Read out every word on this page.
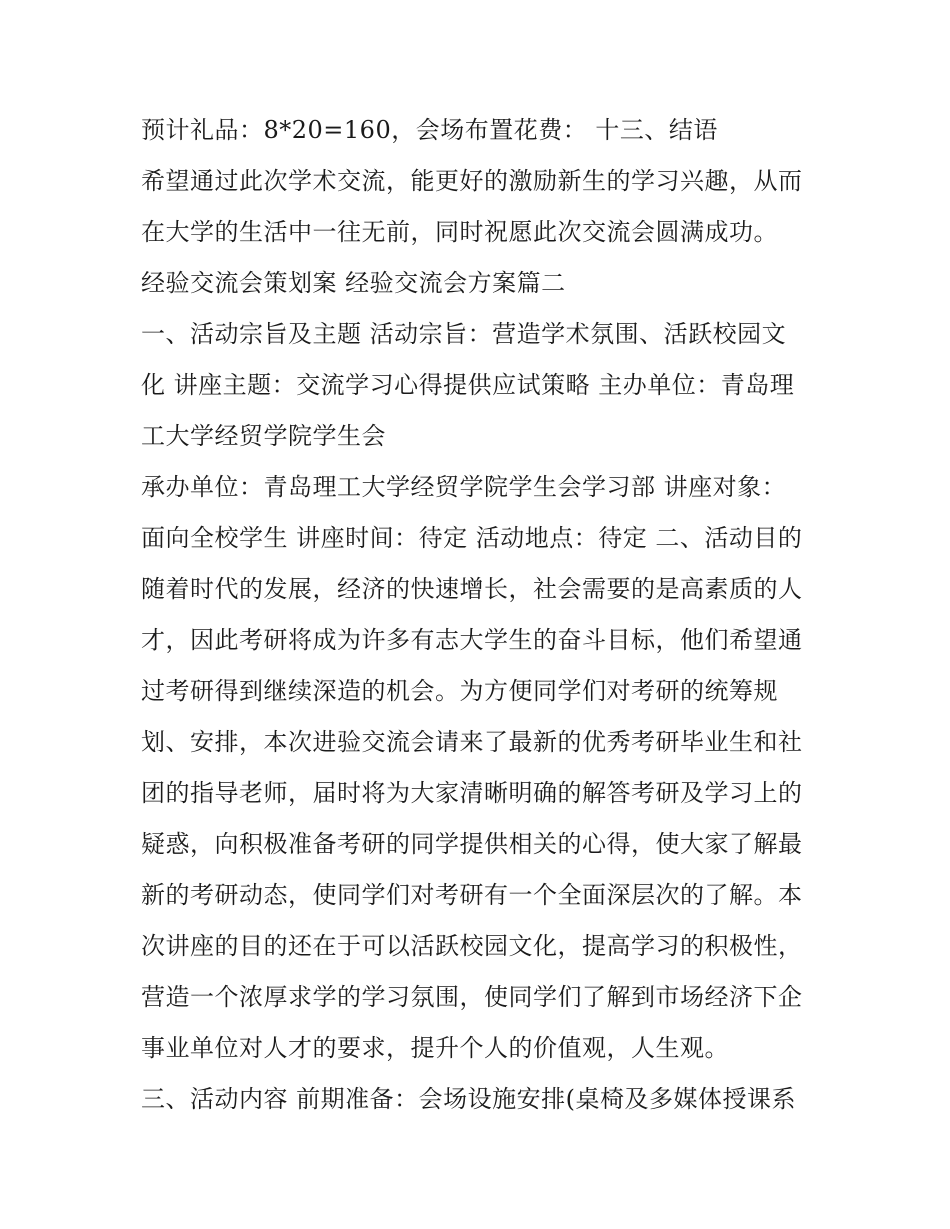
预计礼品：8*20=160，会场布置花费： 十三、结语
希望通过此次学术交流，能更好的激励新生的学习兴趣，从而
在大学的生活中一往无前，同时祝愿此次交流会圆满成功。
经验交流会策划案 经验交流会方案篇二
一、活动宗旨及主题 活动宗旨：营造学术氛围、活跃校园文
化 讲座主题：交流学习心得提供应试策略 主办单位：青岛理
工大学经贸学院学生会
承办单位：青岛理工大学经贸学院学生会学习部 讲座对象：
面向全校学生 讲座时间：待定 活动地点：待定 二、活动目的
随着时代的发展，经济的快速增长，社会需要的是高素质的人
才，因此考研将成为许多有志大学生的奋斗目标，他们希望通
过考研得到继续深造的机会。为方便同学们对考研的统筹规
划、安排，本次进验交流会请来了最新的优秀考研毕业生和社
团的指导老师，届时将为大家清晰明确的解答考研及学习上的
疑惑，向积极准备考研的同学提供相关的心得，使大家了解最
新的考研动态，使同学们对考研有一个全面深层次的了解。本
次讲座的目的还在于可以活跃校园文化，提高学习的积极性，
营造一个浓厚求学的学习氛围，使同学们了解到市场经济下企
事业单位对人才的要求，提升个人的价值观，人生观。
三、活动内容 前期准备：会场设施安排(桌椅及多媒体授课系
